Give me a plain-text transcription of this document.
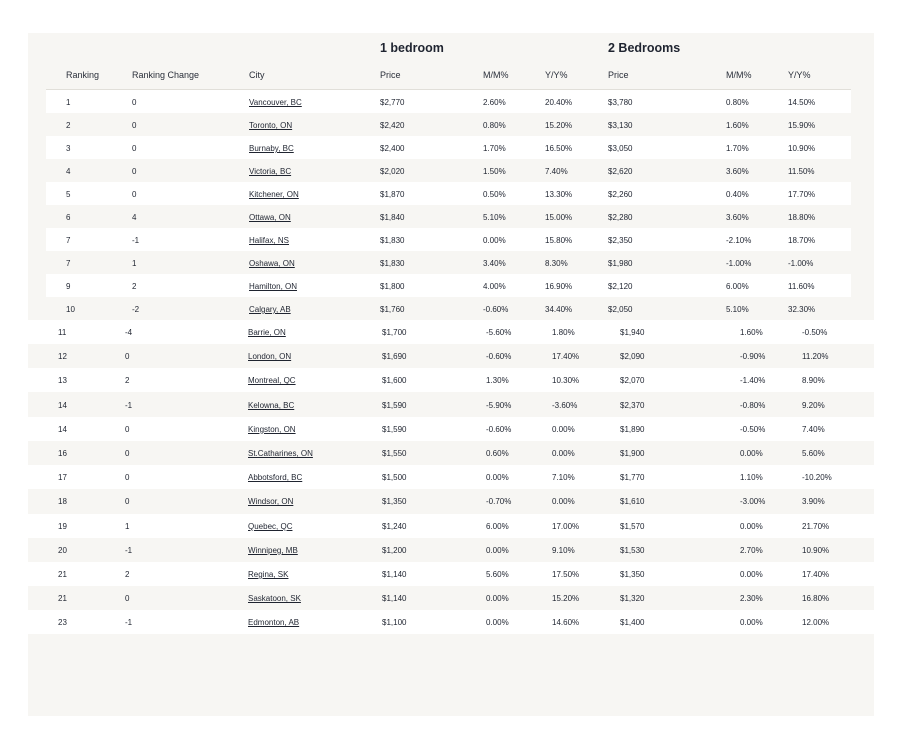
1 bedroom	2 Bedrooms
Ranking	Ranking Change	City	Price	M/M%	Y/Y%	Price	M/M%	Y/Y%
1	0	Vancouver, BC	$2,770	2.60%	20.40%	$3,780	0.80%	14.50%
2	0	Toronto, ON	$2,420	0.80%	15.20%	$3,130	1.60%	15.90%
3	0	Burnaby, BC	$2,400	1.70%	16.50%	$3,050	1.70%	10.90%
4	0	Victoria, BC	$2,020	1.50%	7.40%	$2,620	3.60%	11.50%
5	0	Kitchener, ON	$1,870	0.50%	13.30%	$2,260	0.40%	17.70%
6	4	Ottawa, ON	$1,840	5.10%	15.00%	$2,280	3.60%	18.80%
7	-1	Halifax, NS	$1,830	0.00%	15.80%	$2,350	-2.10%	18.70%
7	1	Oshawa, ON	$1,830	3.40%	8.30%	$1,980	-1.00%	-1.00%
9	2	Hamilton, ON	$1,800	4.00%	16.90%	$2,120	6.00%	11.60%
10	-2	Calgary, AB	$1,760	-0.60%	34.40%	$2,050	5.10%	32.30%
11	-4	Barrie, ON	$1,700	-5.60%	1.80%	$1,940	1.60%	-0.50%
12	0	London, ON	$1,690	-0.60%	17.40%	$2,090	-0.90%	11.20%
13	2	Montreal, QC	$1,600	1.30%	10.30%	$2,070	-1.40%	8.90%
14	-1	Kelowna, BC	$1,590	-5.90%	-3.60%	$2,370	-0.80%	9.20%
14	0	Kingston, ON	$1,590	-0.60%	0.00%	$1,890	-0.50%	7.40%
16	0	St.Catharines, ON	$1,550	0.60%	0.00%	$1,900	0.00%	5.60%
17	0	Abbotsford, BC	$1,500	0.00%	7.10%	$1,770	1.10%	-10.20%
18	0	Windsor, ON	$1,350	-0.70%	0.00%	$1,610	-3.00%	3.90%
19	1	Quebec, QC	$1,240	6.00%	17.00%	$1,570	0.00%	21.70%
20	-1	Winnipeg, MB	$1,200	0.00%	9.10%	$1,530	2.70%	10.90%
21	2	Regina, SK	$1,140	5.60%	17.50%	$1,350	0.00%	17.40%
21	0	Saskatoon, SK	$1,140	0.00%	15.20%	$1,320	2.30%	16.80%
23	-1	Edmonton, AB	$1,100	0.00%	14.60%	$1,400	0.00%	12.00%
